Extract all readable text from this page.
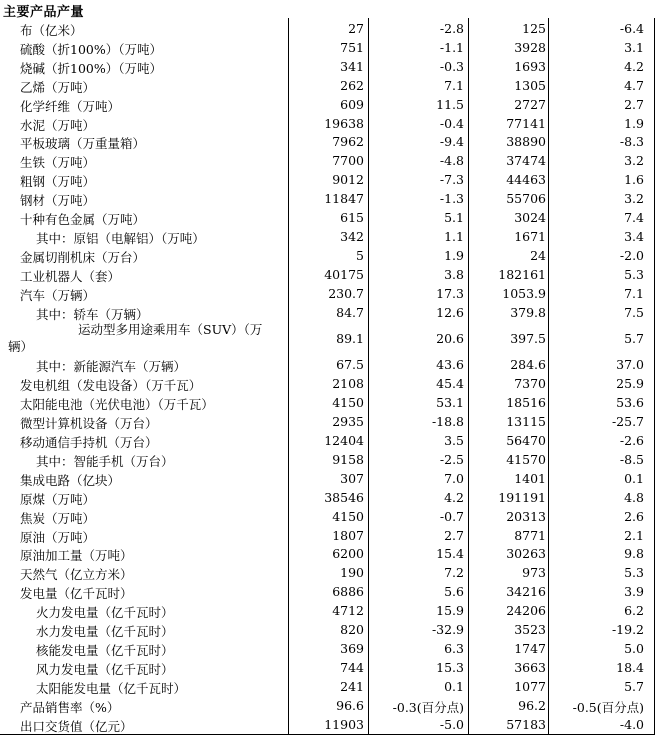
主要产品产量
布（亿米）	27	-2.8	125	-6.4
硫酸（折100%）（万吨）	751	-1.1	3928	3.1
烧碱（折100%）（万吨）	341	-0.3	1693	4.2
乙烯（万吨）	262	7.1	1305	4.7
化学纤维（万吨）	609	11.5	2727	2.7
水泥（万吨）	19638	-0.4	77141	1.9
平板玻璃（万重量箱）	7962	-9.4	38890	-8.3
生铁（万吨）	7700	-4.8	37474	3.2
粗钢（万吨）	9012	-7.3	44463	1.6
钢材（万吨）	11847	-1.3	55706	3.2
十种有色金属（万吨）	615	5.1	3024	7.4
其中：原铝（电解铝）（万吨）	342	1.1	1671	3.4
金属切削机床（万台）	5	1.9	24	-2.0
工业机器人（套）	40175	3.8	182161	5.3
汽车（万辆）	230.7	17.3	1053.9	7.1
其中：轿车（万辆）	84.7	12.6	379.8	7.5
运动型多用途乘用车（SUV）（万
辆）
89.1	20.6	397.5	5.7
其中：新能源汽车（万辆）	67.5	43.6	284.6	37.0
发电机组（发电设备）（万千瓦）	2108	45.4	7370	25.9
太阳能电池（光伏电池）（万千瓦）	4150	53.1	18516	53.6
微型计算机设备（万台）	2935	-18.8	13115	-25.7
移动通信手持机（万台）	12404	3.5	56470	-2.6
其中：智能手机（万台）	9158	-2.5	41570	-8.5
集成电路（亿块）	307	7.0	1401	0.1
原煤（万吨）	38546	4.2	191191	4.8
焦炭（万吨）	4150	-0.7	20313	2.6
原油（万吨）	1807	2.7	8771	2.1
原油加工量（万吨）	6200	15.4	30263	9.8
天然气（亿立方米）	190	7.2	973	5.3
发电量（亿千瓦时）	6886	5.6	34216	3.9
火力发电量（亿千瓦时）	4712	15.9	24206	6.2
水力发电量（亿千瓦时）	820	-32.9	3523	-19.2
核能发电量（亿千瓦时）	369	6.3	1747	5.0
风力发电量（亿千瓦时）	744	15.3	3663	18.4
太阳能发电量（亿千瓦时）	241	0.1	1077	5.7
产品销售率（%）	96.6	-0.3(百分点)	96.2	-0.5(百分点)
出口交货值（亿元）	11903	-5.0	57183	-4.0
